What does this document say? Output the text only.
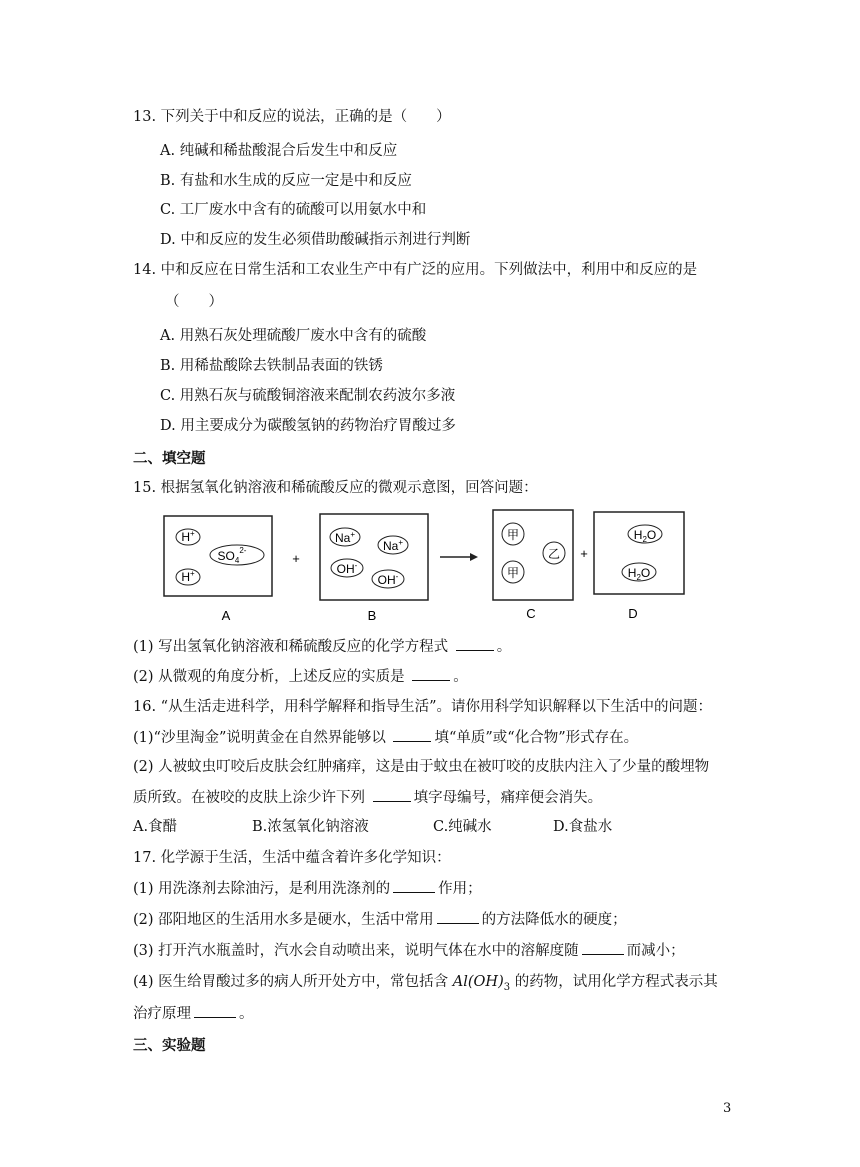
13. 下列关于中和反应的说法，正确的是（　　）
A. 纯碱和稀盐酸混合后发生中和反应
B. 有盐和水生成的反应一定是中和反应
C. 工厂废水中含有的硫酸可以用氨水中和
D. 中和反应的发生必须借助酸碱指示剂进行判断
14. 中和反应在日常生活和工农业生产中有广泛的应用。下列做法中，利用中和反应的是
（　　）
A. 用熟石灰处理硫酸厂废水中含有的硫酸
B. 用稀盐酸除去铁制品表面的铁锈
C. 用熟石灰与硫酸铜溶液来配制农药波尔多液
D. 用主要成分为碳酸氢钠的药物治疗胃酸过多
二、填空题
15. 根据氢氧化钠溶液和稀硫酸反应的微观示意图，回答问题：
H+
H+
$SO_4^{2-}$
+
Na+
Na+
OH-
OH-
甲
甲
乙 +
$H_2O$
$H_2O$
A	B	C	D
(1) 写出氢氧化钠溶液和稀硫酸反应的化学方程式	。
(2) 从微观的角度分析，上述反应的实质是	。
16. “从生活走进科学，用科学解释和指导生活”。请你用科学知识解释以下生活中的问题：
(1)“沙里淘金”说明黄金在自然界能够以	填“单质”或“化合物”形式存在。
(2) 人被蚊虫叮咬后皮肤会红肿痛痒，这是由于蚊虫在被叮咬的皮肤内注入了少量的酸埋物
质所致。在被咬的皮肤上涂少许下列	填字母编号，痛痒便会消失。
A.食醋	B.浓氢氧化钠溶液	C.纯碱水	D.食盐水
17. 化学源于生活，生活中蕴含着许多化学知识：
(1) 用洗涤剂去除油污，是利用洗涤剂的	作用；
(2) 邵阳地区的生活用水多是硬水，生活中常用	的方法降低水的硬度；
(3) 打开汽水瓶盖时，汽水会自动喷出来，说明气体在水中的溶解度随	而减小；
(4) 医生给胃酸过多的病人所开处方中，常包括含 $Al(OH)_3$ 的药物，试用化学方程式表示其
治疗原理	。
三、实验题
3
